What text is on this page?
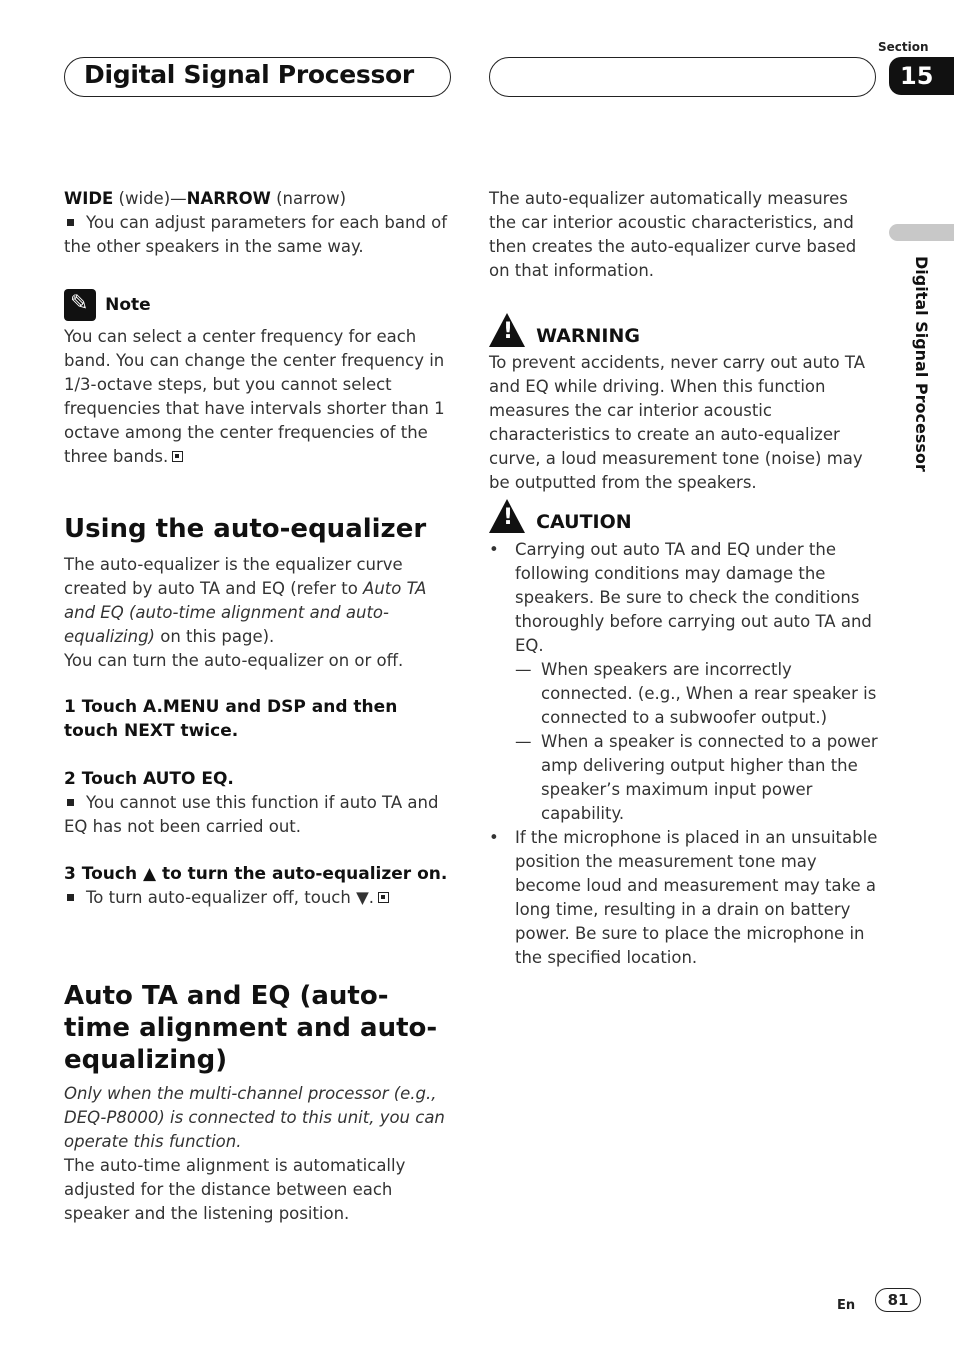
Digital Signal Processor
Section
15
Digital Signal Processor

WIDE (wide)—NARROW (narrow)

You can adjust parameters for each band of the other speakers in the same way.

✎ Note

You can select a center frequency for each band. You can change the center frequency in 1/3-octave steps, but you cannot select frequencies that have intervals shorter than 1 octave among the center frequencies of the three bands.

Using the auto-equalizer

The auto-equalizer is the equalizer curve created by auto TA and EQ (refer to Auto TA and EQ (auto-time alignment and auto-equalizing) on this page).

You can turn the auto-equalizer on or off.

1 Touch A.MENU and DSP and then touch NEXT twice.
2 Touch AUTO EQ.

You cannot use this function if auto TA and EQ has not been carried out.

3 Touch ▲ to turn the auto-equalizer on.

To turn auto-equalizer off, touch ▼.

Auto TA and EQ (auto-time alignment and auto-equalizing)

Only when the multi-channel processor (e.g., DEQ-P8000) is connected to this unit, you can operate this function.

The auto-time alignment is automatically adjusted for the distance between each speaker and the listening position.

The auto-equalizer automatically measures the car interior acoustic characteristics, and then creates the auto-equalizer curve based on that information.
! WARNING
To prevent accidents, never carry out auto TA and EQ while driving. When this function measures the car interior acoustic characteristics to create an auto-equalizer curve, a loud measurement tone (noise) may be outputted from the speakers.
! CAUTION

• Carrying out auto TA and EQ under the following conditions may damage the speakers. Be sure to check the conditions thoroughly before carrying out auto TA and EQ.

— When speakers are incorrectly connected. (e.g., When a rear speaker is connected to a subwoofer output.)

— When a speaker is connected to a power amp delivering output higher than the speaker’s maximum input power capability.

• If the microphone is placed in an unsuitable position the measurement tone may become loud and measurement may take a long time, resulting in a drain on battery power. Be sure to place the microphone in the specified location.

En	81
